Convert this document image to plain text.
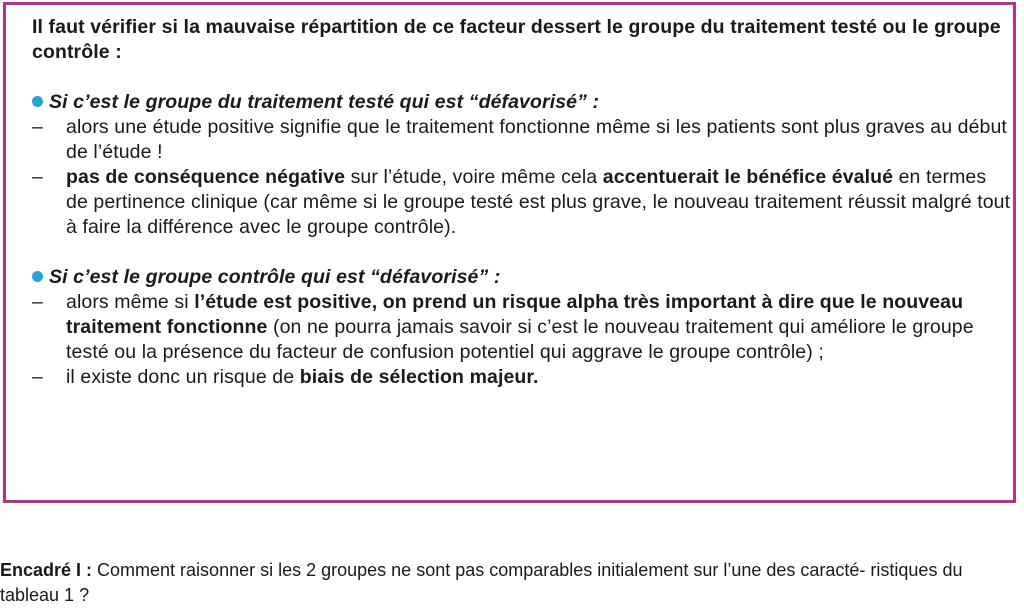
Il faut vérifier si la mauvaise répartition de ce facteur dessert le groupe du traitement testé ou le groupe contrôle :

Si c’est le groupe du traitement testé qui est “défavorisé” :

– alors une étude positive signifie que le traitement fonctionne même si les patients sont plus graves au début de l’étude !

– pas de conséquence négative sur l’étude, voire même cela accentuerait le bénéfice évalué en termes de pertinence clinique (car même si le groupe testé est plus grave, le nouveau traitement réussit malgré tout à faire la différence avec le groupe contrôle).

Si c’est le groupe contrôle qui est “défavorisé” :

– alors même si l’étude est positive, on prend un risque alpha très important à dire que le nouveau traitement fonctionne (on ne pourra jamais savoir si c’est le nouveau traitement qui améliore le groupe testé ou la présence du facteur de confusion potentiel qui aggrave le groupe contrôle) ;

– il existe donc un risque de biais de sélection majeur.

Encadré I : Comment raisonner si les 2 groupes ne sont pas comparables initialement sur l’une des caracté- ristiques du tableau 1 ?
